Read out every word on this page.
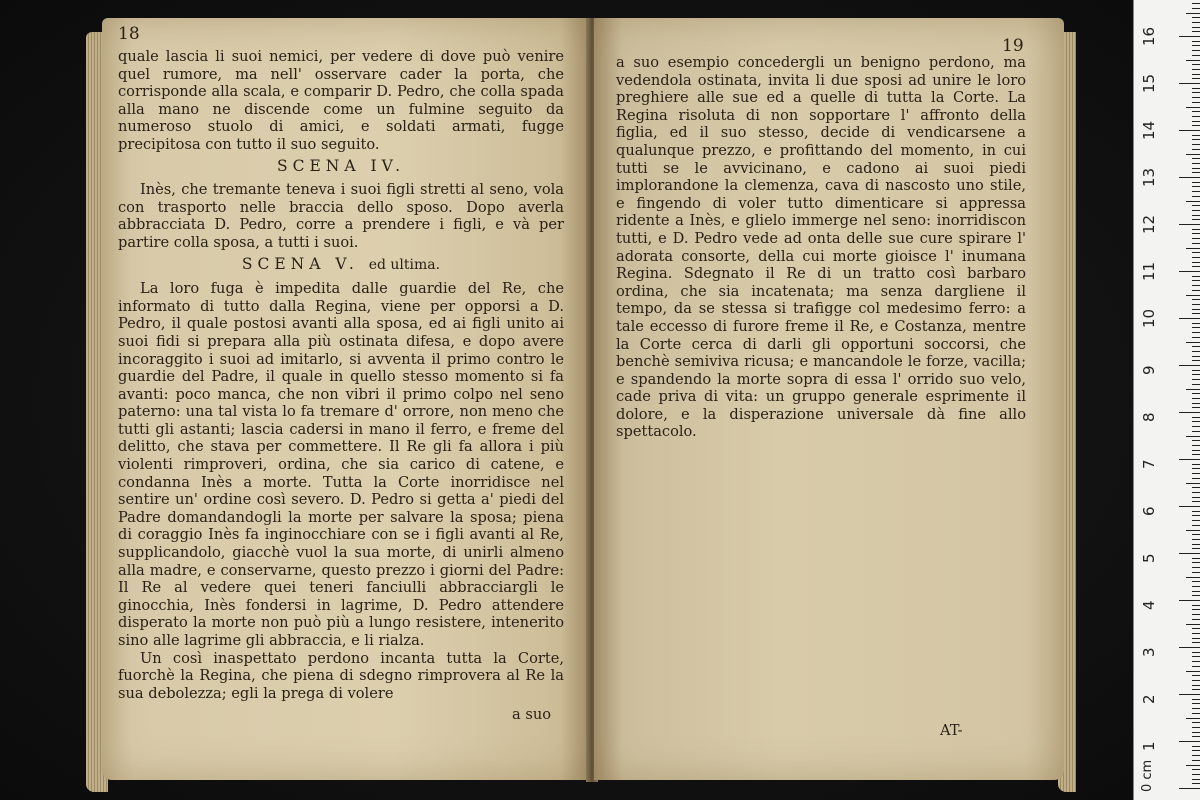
18

quale lascia li suoi nemici, per vedere di dove può venire quel rumore, ma nell' osservare cader la porta, che corrisponde alla scala, e comparir D. Pedro, che colla spada alla mano ne discende come un fulmine seguito da numeroso stuolo di amici, e soldati armati, fugge precipitosa con tutto il suo seguito.

SCENA IV.

Inès, che tremante teneva i suoi figli stretti al seno, vola con trasporto nelle braccia dello sposo. Dopo averla abbracciata D. Pedro, corre a prendere i figli, e và per partire colla sposa, a tutti i suoi.

SCENA V. ed ultima.

La loro fuga è impedita dalle guardie del Re, che informato di tutto dalla Regina, viene per opporsi a D. Pedro, il quale postosi avanti alla sposa, ed ai figli unito ai suoi fidi si prepara alla più ostinata difesa, e dopo avere incoraggito i suoi ad imitarlo, si avventa il primo contro le guardie del Padre, il quale in quello stesso momento si fa avanti: poco manca, che non vibri il primo colpo nel seno paterno: una tal vista lo fa tremare d' orrore, non meno che tutti gli astanti; lascia cadersi in mano il ferro, e freme del delitto, che stava per commettere. Il Re gli fa allora i più violenti rimproveri, ordina, che sia carico di catene, e condanna Inès a morte. Tutta la Corte inorridisce nel sentire un' ordine così severo. D. Pedro si getta a' piedi del Padre domandandogli la morte per salvare la sposa; piena di coraggio Inès fa inginocchiare con se i figli avanti al Re, supplicandolo, giacchè vuol la sua morte, di unirli almeno alla madre, e conservarne, questo prezzo i giorni del Padre: Il Re al vedere quei teneri fanciulli abbracciargli le ginocchia, Inès fondersi in lagrime, D. Pedro attendere disperato la morte non può più a lungo resistere, intenerito sino alle lagrime gli abbraccia, e li rialza.

Un così inaspettato perdono incanta tutta la Corte, fuorchè la Regina, che piena di sdegno rimprovera al Re la sua debolezza; egli la prega di volere

a suo
19

a suo esempio concedergli un benigno perdono, ma vedendola ostinata, invita li due sposi ad unire le loro preghiere alle sue ed a quelle di tutta la Corte. La Regina risoluta di non sopportare l' affronto della figlia, ed il suo stesso, decide di vendicarsene a qualunque prezzo, e profittando del momento, in cui tutti se le avvicinano, e cadono ai suoi piedi implorandone la clemenza, cava di nascosto uno stile, e fingendo di voler tutto dimenticare si appressa ridente a Inès, e glielo immerge nel seno: inorridiscon tutti, e D. Pedro vede ad onta delle sue cure spirare l' adorata consorte, della cui morte gioisce l' inumana Regina. Sdegnato il Re di un tratto così barbaro ordina, che sia incatenata; ma senza dargliene il tempo, da se stessa si trafigge col medesimo ferro: a tale eccesso di furore freme il Re, e Costanza, mentre la Corte cerca di darli gli opportuni soccorsi, che benchè semiviva ricusa; e mancandole le forze, vacilla; e spandendo la morte sopra di essa l' orrido suo velo, cade priva di vita: un gruppo generale esprimente il dolore, e la disperazione universale dà fine allo spettacolo.

AT-
0 cm
1
2
3
4
5
6
7
8
9
10
11
12
13
14
15
16
